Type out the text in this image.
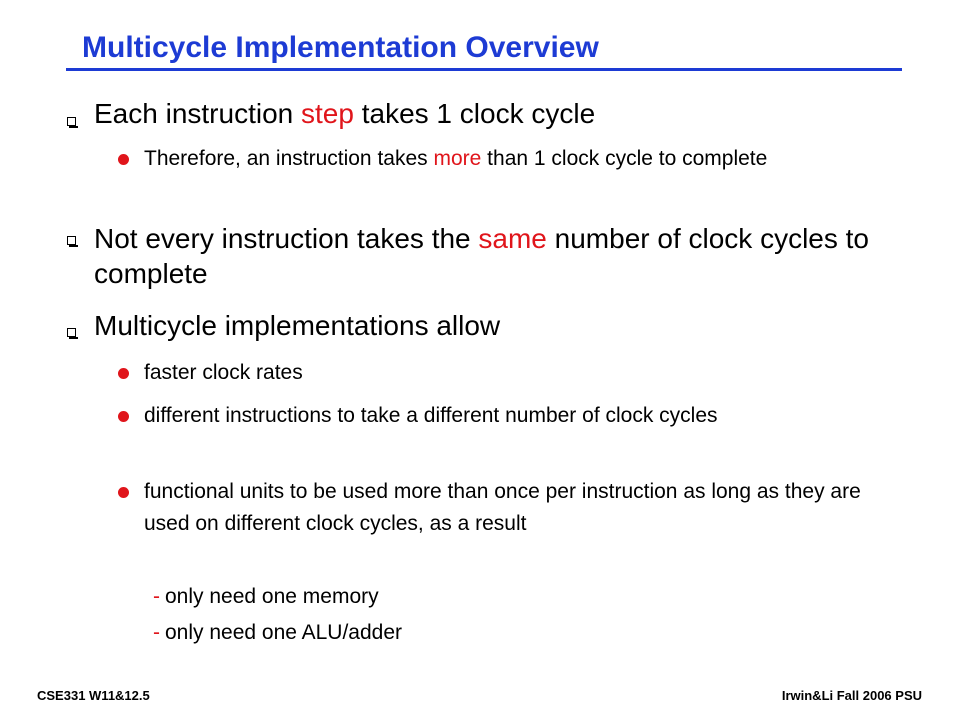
Multicycle Implementation Overview

Each instruction step takes 1 clock cycle

Therefore, an instruction takes more than 1 clock cycle to complete

Not every instruction takes the same number of clock cycles to complete

Multicycle implementations allow

faster clock rates

different instructions to take a different number of clock cycles

functional units to be used more than once per instruction as long as they are used on different clock cycles, as a result

- only need one memory

- only need one ALU/adder

CSE331 W11&12.5	Irwin&Li Fall 2006 PSU
